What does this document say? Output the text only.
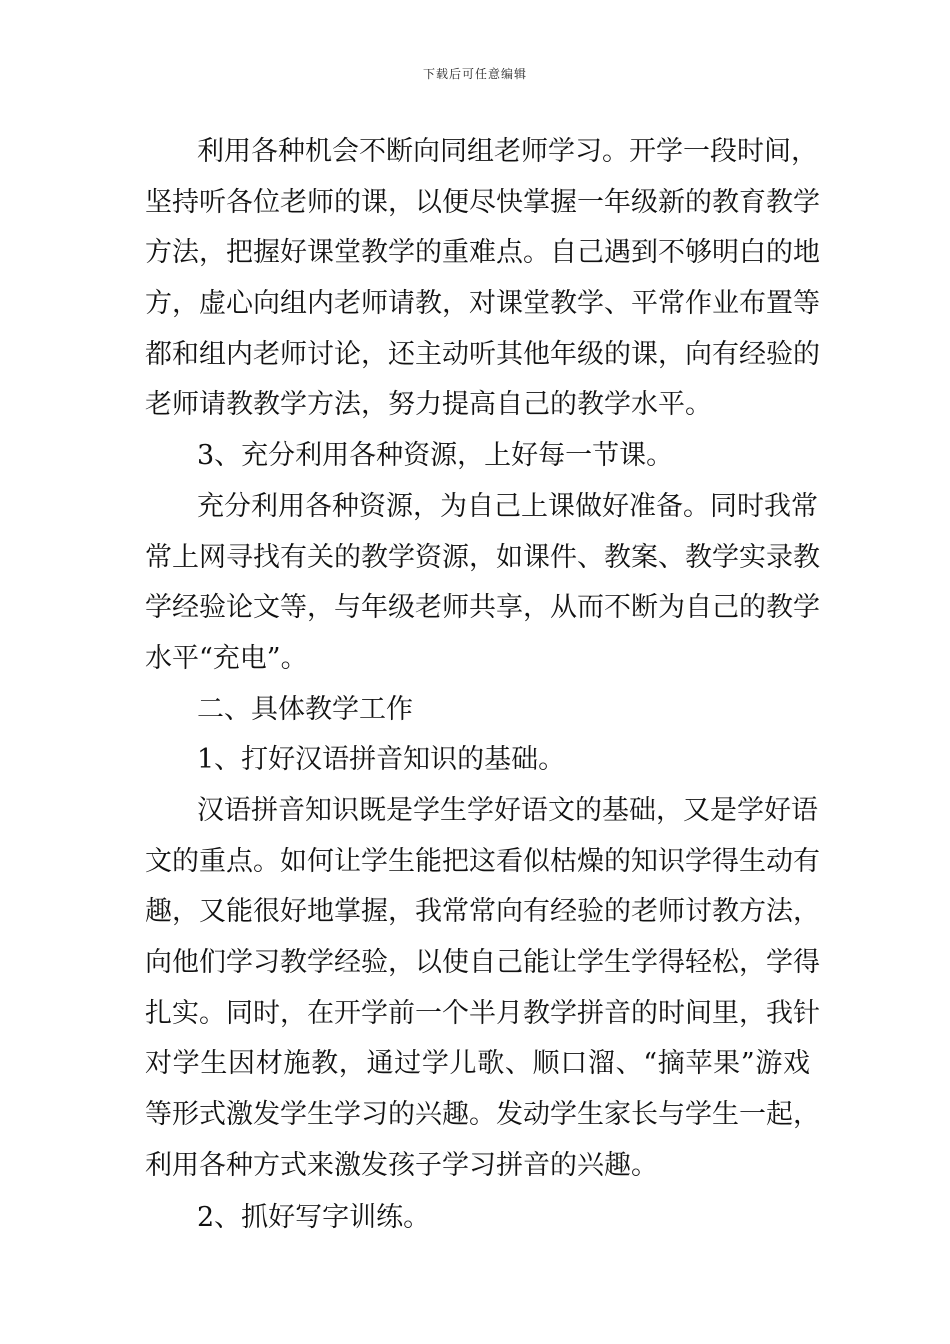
下载后可任意编辑
利用各种机会不断向同组老师学习。开学一段时间，
坚持听各位老师的课，以便尽快掌握一年级新的教育教学
方法，把握好课堂教学的重难点。自己遇到不够明白的地
方，虚心向组内老师请教，对课堂教学、平常作业布置等
都和组内老师讨论，还主动听其他年级的课，向有经验的
老师请教教学方法，努力提高自己的教学水平。
3、充分利用各种资源，上好每一节课。
充分利用各种资源，为自己上课做好准备。同时我常
常上网寻找有关的教学资源，如课件、教案、教学实录教
学经验论文等，与年级老师共享，从而不断为自己的教学
水平“充电”。
二、具体教学工作
1、打好汉语拼音知识的基础。
汉语拼音知识既是学生学好语文的基础，又是学好语
文的重点。如何让学生能把这看似枯燥的知识学得生动有
趣，又能很好地掌握，我常常向有经验的老师讨教方法，
向他们学习教学经验，以使自己能让学生学得轻松，学得
扎实。同时，在开学前一个半月教学拼音的时间里，我针
对学生因材施教，通过学儿歌、顺口溜、“摘苹果”游戏
等形式激发学生学习的兴趣。发动学生家长与学生一起，
利用各种方式来激发孩子学习拼音的兴趣。
2、抓好写字训练。
